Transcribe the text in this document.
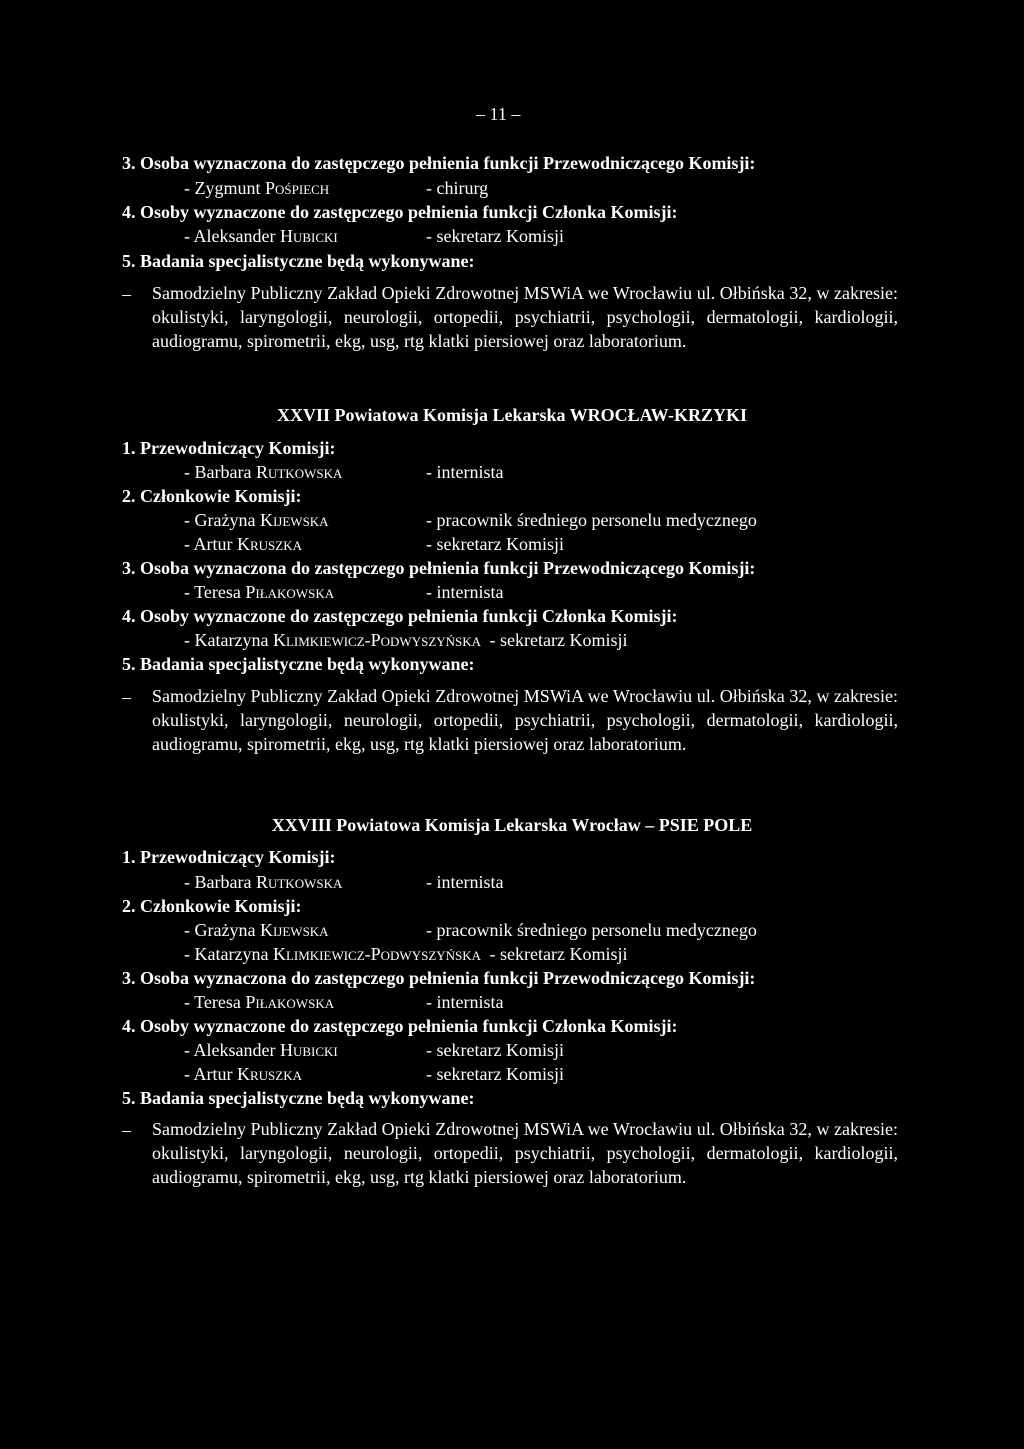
– 11 –
3. Osoba wyznaczona do zastępczego pełnienia funkcji Przewodniczącego Komisji:
- Zygmunt Pośpiech	- chirurg
4. Osoby wyznaczone do zastępczego pełnienia funkcji Członka Komisji:
- Aleksander Hubicki	- sekretarz Komisji
5. Badania specjalistyczne będą wykonywane:
– Samodzielny Publiczny Zakład Opieki Zdrowotnej MSWiA we Wrocławiu ul. Ołbińska 32, w zakresie: okulistyki, laryngologii, neurologii, ortopedii, psychiatrii, psychologii, dermatologii, kardiologii, audiogramu, spirometrii, ekg, usg, rtg klatki piersiowej oraz laboratorium.
XXVII Powiatowa Komisja Lekarska WROCŁAW-KRZYKI
1. Przewodniczący Komisji:
- Barbara Rutkowska	- internista
2. Członkowie Komisji:
- Grażyna Kijewska	- pracownik średniego personelu medycznego
- Artur Kruszka	- sekretarz Komisji
3. Osoba wyznaczona do zastępczego pełnienia funkcji Przewodniczącego Komisji:
- Teresa Piłakowska	- internista
4. Osoby wyznaczone do zastępczego pełnienia funkcji Członka Komisji:
- Katarzyna Klimkiewicz-Podwyszyńska - sekretarz Komisji
5. Badania specjalistyczne będą wykonywane:
– Samodzielny Publiczny Zakład Opieki Zdrowotnej MSWiA we Wrocławiu ul. Ołbińska 32, w zakresie: okulistyki, laryngologii, neurologii, ortopedii, psychiatrii, psychologii, dermatologii, kardiologii, audiogramu, spirometrii, ekg, usg, rtg klatki piersiowej oraz laboratorium.
XXVIII Powiatowa Komisja Lekarska Wrocław – PSIE POLE
1. Przewodniczący Komisji:
- Barbara Rutkowska	- internista
2. Członkowie Komisji:
- Grażyna Kijewska	- pracownik średniego personelu medycznego
- Katarzyna Klimkiewicz-Podwyszyńska - sekretarz Komisji
3. Osoba wyznaczona do zastępczego pełnienia funkcji Przewodniczącego Komisji:
- Teresa Piłakowska	- internista
4. Osoby wyznaczone do zastępczego pełnienia funkcji Członka Komisji:
- Aleksander Hubicki	- sekretarz Komisji
- Artur Kruszka	- sekretarz Komisji
5. Badania specjalistyczne będą wykonywane:
– Samodzielny Publiczny Zakład Opieki Zdrowotnej MSWiA we Wrocławiu ul. Ołbińska 32, w zakresie: okulistyki, laryngologii, neurologii, ortopedii, psychiatrii, psychologii, dermatologii, kardiologii, audiogramu, spirometrii, ekg, usg, rtg klatki piersiowej oraz laboratorium.
